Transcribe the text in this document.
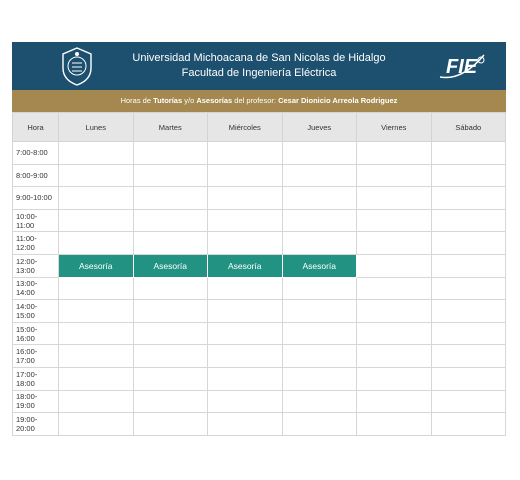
Universidad Michoacana de San Nicolas de Hidalgo
Facultad de Ingeniería Eléctrica	FIE
Horas de Tutorías y/o Asesorías del profesor: Cesar Dionicio Arreola Rodriguez
Hora	Lunes	Martes	Miércoles	Jueves	Viernes	Sábado
7:00-8:00						
8:00-9:00						
9:00-10:00						
10:00-11:00						
11:00-12:00						
12:00-13:00	Asesoría	Asesoría	Asesoría	Asesoría		
13:00-14:00						
14:00-15:00						
15:00-16:00						
16:00-17:00						
17:00-18:00						
18:00-19:00						
19:00-20:00						
